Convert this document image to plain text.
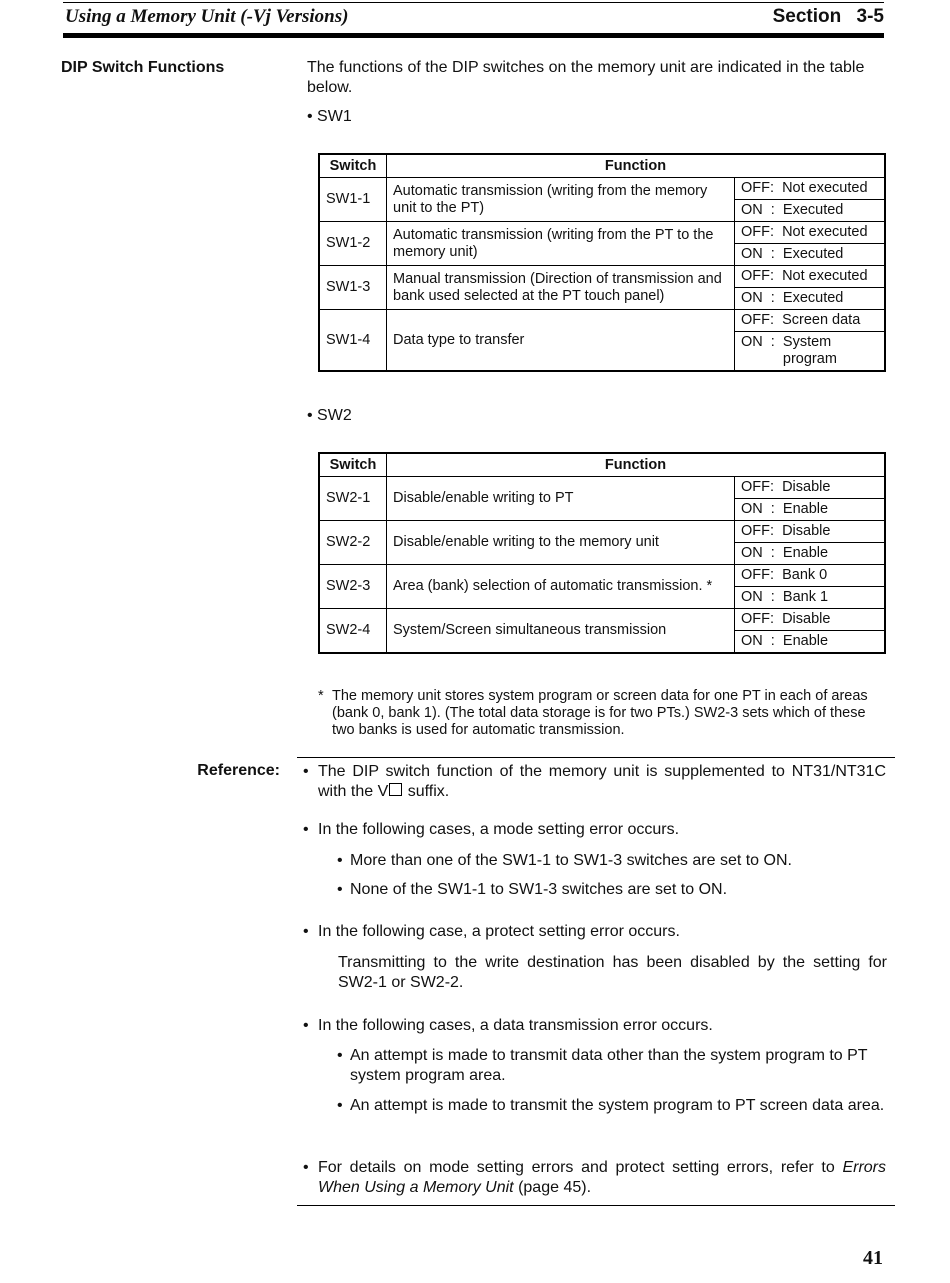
Using a Memory Unit (-Vj Versions)	Section 3-5
DIP Switch Functions	The functions of the DIP switches on the memory unit are indicated in the table below.
• SW1
Switch	Function	
SW1-1	Automatic transmission (writing from the memory unit to the PT)	OFF:  Not executed
		ON  : Executed
SW1-2	Automatic transmission (writing from the PT to the memory unit)	OFF:  Not executed
		ON  : Executed
SW1-3	Manual transmission (Direction of transmission and bank used selected at the PT touch panel)	OFF:  Not executed
		ON  : Executed
SW1-4	Data type to transfer	OFF:  Screen data
		ON  : System program
• SW2
Switch	Function	
SW2-1	Disable/enable writing to PT	OFF:  Disable
		ON  : Enable
SW2-2	Disable/enable writing to the memory unit	OFF:  Disable
		ON  : Enable
SW2-3	Area (bank) selection of automatic transmission. *	OFF:  Bank 0
		ON  : Bank 1
SW2-4	System/Screen simultaneous transmission	OFF:  Disable
		ON  : Enable
* The memory unit stores system program or screen data for one PT in each of areas (bank 0, bank 1). (The total data storage is for two PTs.) SW2-3 sets which of these two banks is used for automatic transmission.
Reference: • The DIP switch function of the memory unit is supplemented to NT31/NT31C with the V suffix.
• In the following cases, a mode setting error occurs.
• More than one of the SW1-1 to SW1-3 switches are set to ON.
• None of the SW1-1 to SW1-3 switches are set to ON.
• In the following case, a protect setting error occurs.
Transmitting to the write destination has been disabled by the setting for SW2-1 or SW2-2.
• In the following cases, a data transmission error occurs.
• An attempt is made to transmit data other than the system program to PT system program area.
• An attempt is made to transmit the system program to PT screen data area.
• For details on mode setting errors and protect setting errors, refer to Errors When Using a Memory Unit (page 45).
41
